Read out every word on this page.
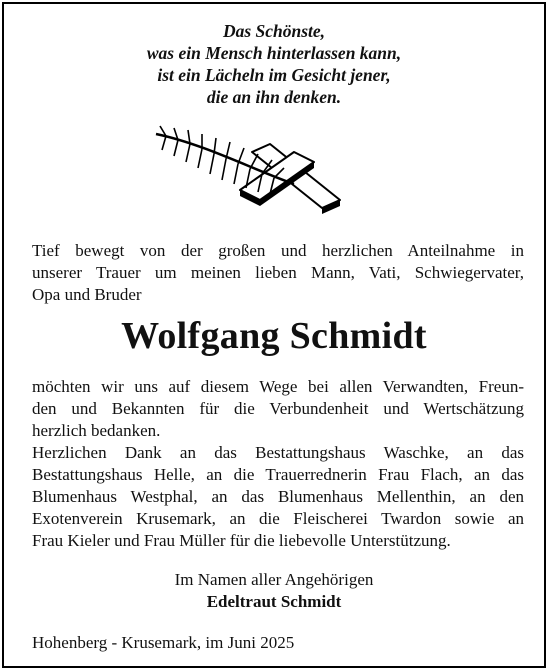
Das Schönste,
was ein Mensch hinterlassen kann,
ist ein Lächeln im Gesicht jener,
die an ihn denken.
Tief bewegt von der großen und herzlichen Anteilnahme in
unserer Trauer um meinen lieben Mann, Vati, Schwiegervater,
Opa und Bruder
Wolfgang Schmidt
möchten wir uns auf diesem Wege bei allen Verwandten, Freun-
den und Bekannten für die Verbundenheit und Wertschätzung
herzlich bedanken.
Herzlichen Dank an das Bestattungshaus Waschke, an das
Bestattungshaus Helle, an die Trauerrednerin Frau Flach, an das
Blumenhaus Westphal, an das Blumenhaus Mellenthin, an den
Exotenverein Krusemark, an die Fleischerei Twardon sowie an
Frau Kieler und Frau Müller für die liebevolle Unterstützung.
Im Namen aller Angehörigen
Edeltraut Schmidt
Hohenberg - Krusemark, im Juni 2025
